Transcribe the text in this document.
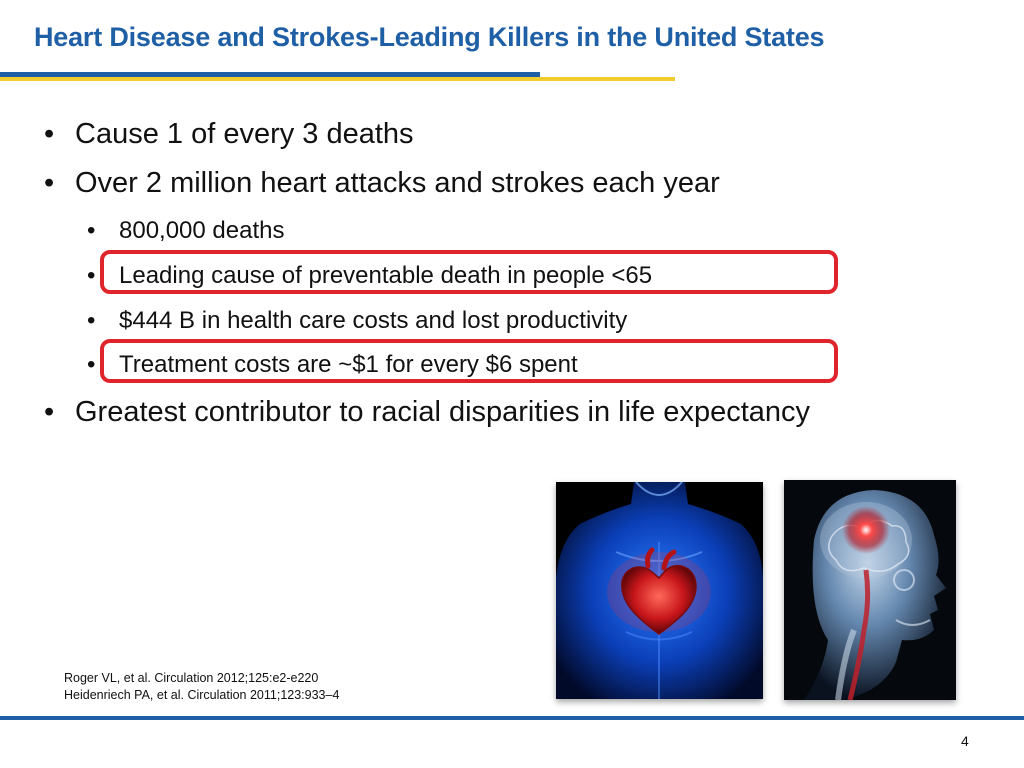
Heart Disease and Strokes-Leading Killers in the United States
• Cause 1 of every 3 deaths
• Over 2 million heart attacks and strokes each year
• 800,000 deaths
• Leading cause of preventable death in people <65
• $444 B in health care costs and lost productivity
• Treatment costs are ~$1 for every $6 spent
• Greatest contributor to racial disparities in life expectancy
Roger VL, et al. Circulation 2012;125:e2-e220
Heidenriech PA, et al. Circulation 2011;123:933–4
4
